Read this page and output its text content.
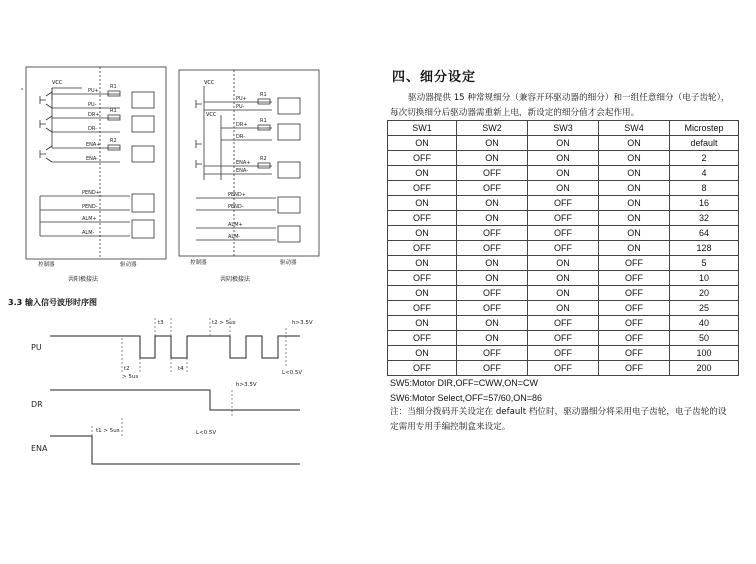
VCC
PU+
PU-
DR+
DR-
ENA+
ENA-
PEND+
PEND-
ALM+
ALM-
R1
R1
R2
控制器	驱动器
共阳极接法
VCC
VCC
PU+
PU-
DR+
DR-
ENA+
ENA-
PEND+
PEND-
ALM+
ALM-
R1
R1
R2
控制器	驱动器
共阴极接法
3.3 输入信号波形时序图
PU
DR
ENA
t3	t2 > 5us	h>3.5V
t2
> 5us
t4
L<0.5V
h>3.5V
L<0.5V
t1 > 5us
四、细分设定
驱动器提供 15 种常规细分（兼容开环驱动器的细分）和一组任意细分（电子齿轮），每次切换细分后驱动器需重新上电，新设定的细分值才会起作用。
SW1	SW2	SW3	SW4	Microstep
ON	ON	ON	ON	default
OFF	ON	ON	ON	2
ON	OFF	ON	ON	4
OFF	OFF	ON	ON	8
ON	ON	OFF	ON	16
OFF	ON	OFF	ON	32
ON	OFF	OFF	ON	64
OFF	OFF	OFF	ON	128
ON	ON	ON	OFF	5
OFF	ON	ON	OFF	10
ON	OFF	ON	OFF	20
OFF	OFF	ON	OFF	25
ON	ON	OFF	OFF	40
OFF	ON	OFF	OFF	50
ON	OFF	OFF	OFF	100
OFF	OFF	OFF	OFF	200
SW5:Motor DIR,OFF=CWW,ON=CW
SW6:Motor Select,OFF=57/60,ON=86
注：当细分拨码开关设定在 default 档位时，驱动器细分将采用电子齿轮，电子齿轮的设定需用专用手编控制盒来设定。
